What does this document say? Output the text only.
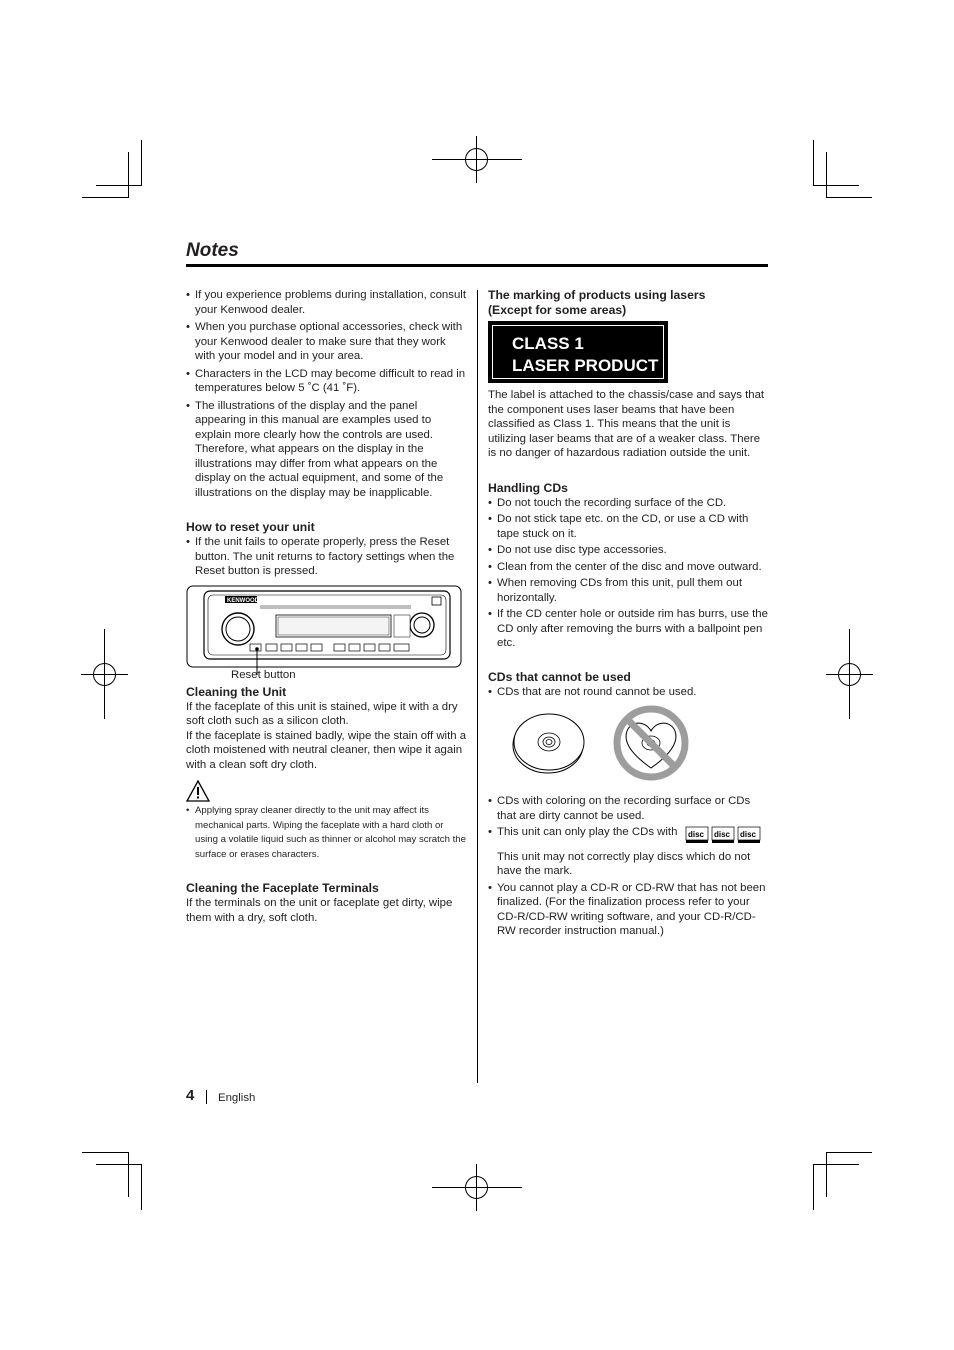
Notes
• If you experience problems during installation, consult your Kenwood dealer.
• When you purchase optional accessories, check with your Kenwood dealer to make sure that they work with your model and in your area.
• Characters in the LCD may become difficult to read in temperatures below 5 ˚C (41 ˚F).
• The illustrations of the display and the panel appearing in this manual are examples used to explain more clearly how the controls are used. Therefore, what appears on the display in the illustrations may differ from what appears on the display on the actual equipment, and some of the illustrations on the display may be inapplicable.
How to reset your unit
• If the unit fails to operate properly, press the Reset button. The unit returns to factory settings when the Reset button is pressed.
KENWOOD
Reset button
Cleaning the Unit

If the faceplate of this unit is stained, wipe it with a dry soft cloth such as a silicon cloth.

If the faceplate is stained badly, wipe the stain off with a cloth moistened with neutral cleaner, then wipe it again with a clean soft dry cloth.

• Applying spray cleaner directly to the unit may affect its mechanical parts. Wiping the faceplate with a hard cloth or using a volatile liquid such as thinner or alcohol may scratch the surface or erases characters.
Cleaning the Faceplate Terminals

If the terminals on the unit or faceplate get dirty, wipe them with a dry, soft cloth.

The marking of products using lasers
(Except for some areas)
CLASS 1
LASER PRODUCT

The label is attached to the chassis/case and says that the component uses laser beams that have been classified as Class 1. This means that the unit is utilizing laser beams that are of a weaker class. There is no danger of hazardous radiation outside the unit.

Handling CDs
• Do not touch the recording surface of the CD.
• Do not stick tape etc. on the CD, or use a CD with tape stuck on it.
• Do not use disc type accessories.
• Clean from the center of the disc and move outward.
• When removing CDs from this unit, pull them out horizontally.
• If the CD center hole or outside rim has burrs, use the CD only after removing the burrs with a ballpoint pen etc.
CDs that cannot be used
• CDs that are not round cannot be used.
• CDs with coloring on the recording surface or CDs that are dirty cannot be used.
• This unit can only play the CDs with disc disc disc
This unit may not correctly play discs which do not have the mark.
• You cannot play a CD-R or CD-RW that has not been finalized. (For the finalization process refer to your CD-R/CD-RW writing software, and your CD-R/CD-RW recorder instruction manual.)
4 English
